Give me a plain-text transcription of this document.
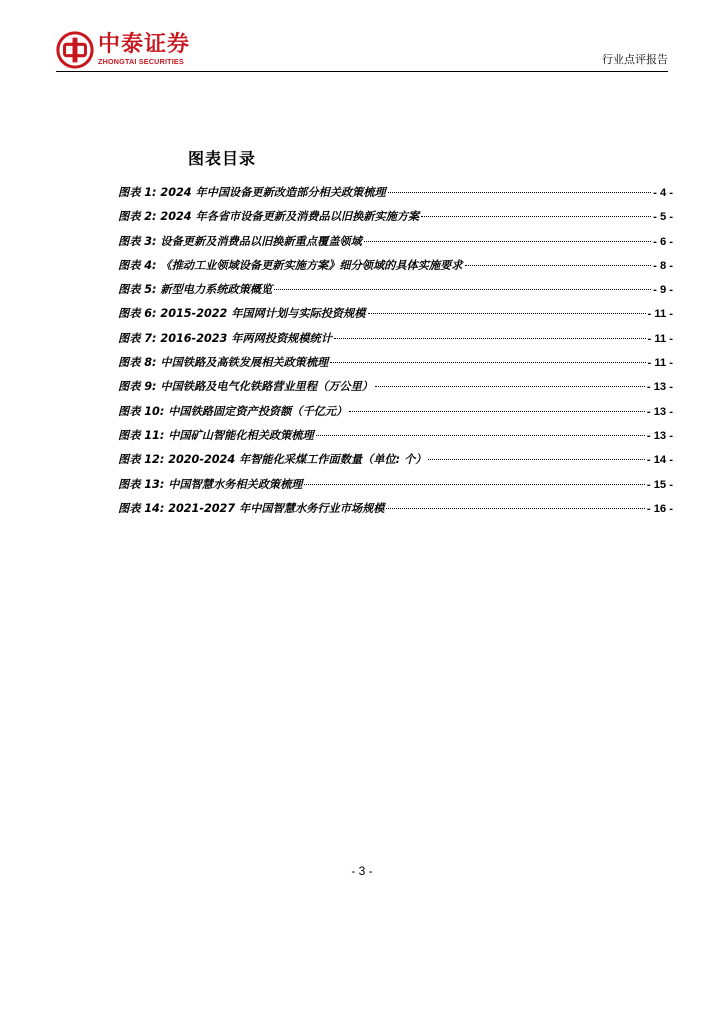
中泰证券
ZHONGTAI SECURITIES	行业点评报告
图表目录
图表 1: 2024 年中国设备更新改造部分相关政策梳理	- 4 -
图表 2: 2024 年各省市设备更新及消费品以旧换新实施方案	- 5 -
图表 3: 设备更新及消费品以旧换新重点覆盖领域	- 6 -
图表 4: 《推动工业领域设备更新实施方案》细分领域的具体实施要求	- 8 -
图表 5: 新型电力系统政策概览	- 9 -
图表 6: 2015-2022 年国网计划与实际投资规模	- 11 -
图表 7: 2016-2023 年两网投资规模统计	- 11 -
图表 8: 中国铁路及高铁发展相关政策梳理	- 11 -
图表 9: 中国铁路及电气化铁路营业里程（万公里）	- 13 -
图表 10: 中国铁路固定资产投资额（千亿元）	- 13 -
图表 11: 中国矿山智能化相关政策梳理	- 13 -
图表 12: 2020-2024 年智能化采煤工作面数量（单位: 个）	- 14 -
图表 13: 中国智慧水务相关政策梳理	- 15 -
图表 14: 2021-2027 年中国智慧水务行业市场规模	- 16 -
- 3 -
